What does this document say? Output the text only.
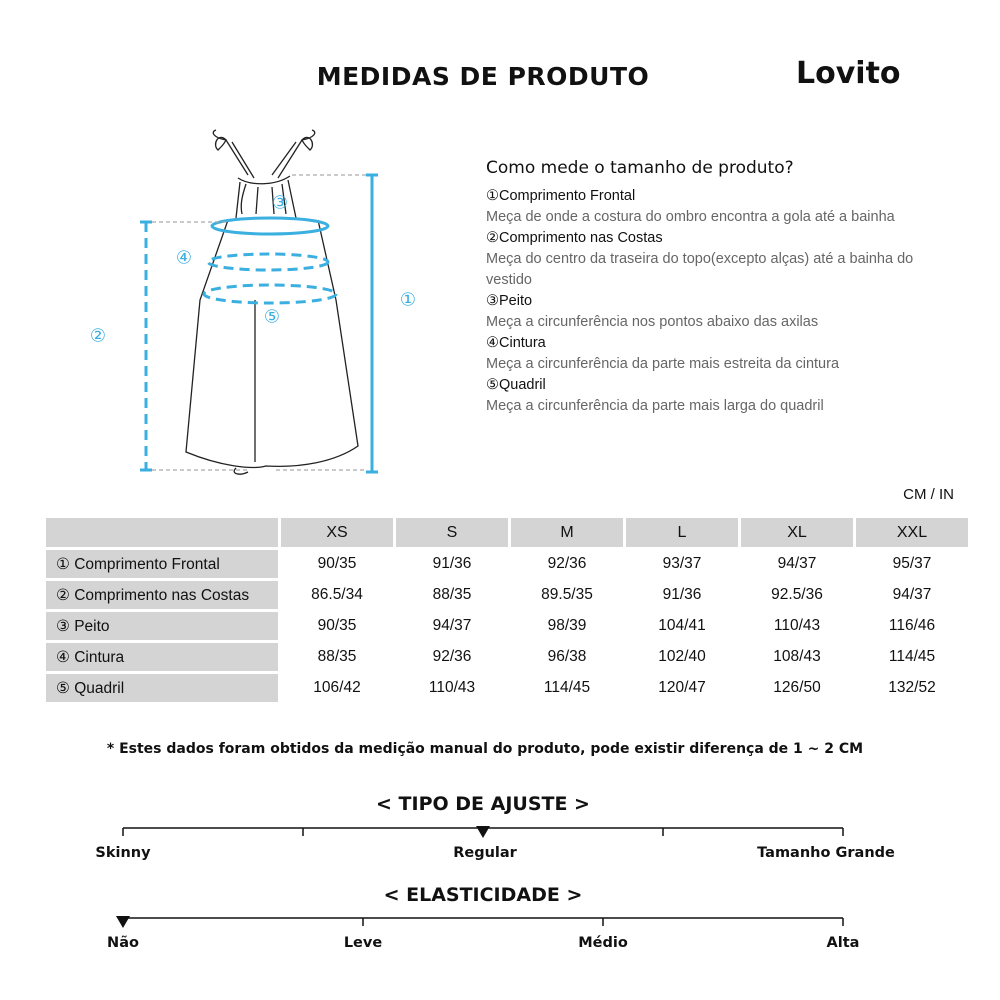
MEDIDAS DE PRODUTO	Lovito
①
②
③
④
⑤
Como mede o tamanho de produto?
①Comprimento Frontal
Meça de onde a costura do ombro encontra a gola até a bainha
②Comprimento nas Costas
Meça do centro da traseira do topo(excepto alças) até a bainha do vestido
③Peito
Meça a circunferência nos pontos abaixo das axilas
④Cintura
Meça a circunferência da parte mais estreita da cintura
⑤Quadril
Meça a circunferência da parte mais larga do quadril
CM / IN
	XS	S	M	L	XL	XXL
① Comprimento Frontal	90/35	91/36	92/36	93/37	94/37	95/37
② Comprimento nas Costas	86.5/34	88/35	89.5/35	91/36	92.5/36	94/37
③ Peito	90/35	94/37	98/39	104/41	110/43	116/46
④ Cintura	88/35	92/36	96/38	102/40	108/43	114/45
⑤ Quadril	106/42	110/43	114/45	120/47	126/50	132/52
* Estes dados foram obtidos da medição manual do produto, pode existir diferença de 1 ~ 2 CM
< TIPO DE AJUSTE >
Skinny	Regular	Tamanho Grande
< ELASTICIDADE >
Não	Leve	Médio	Alta
